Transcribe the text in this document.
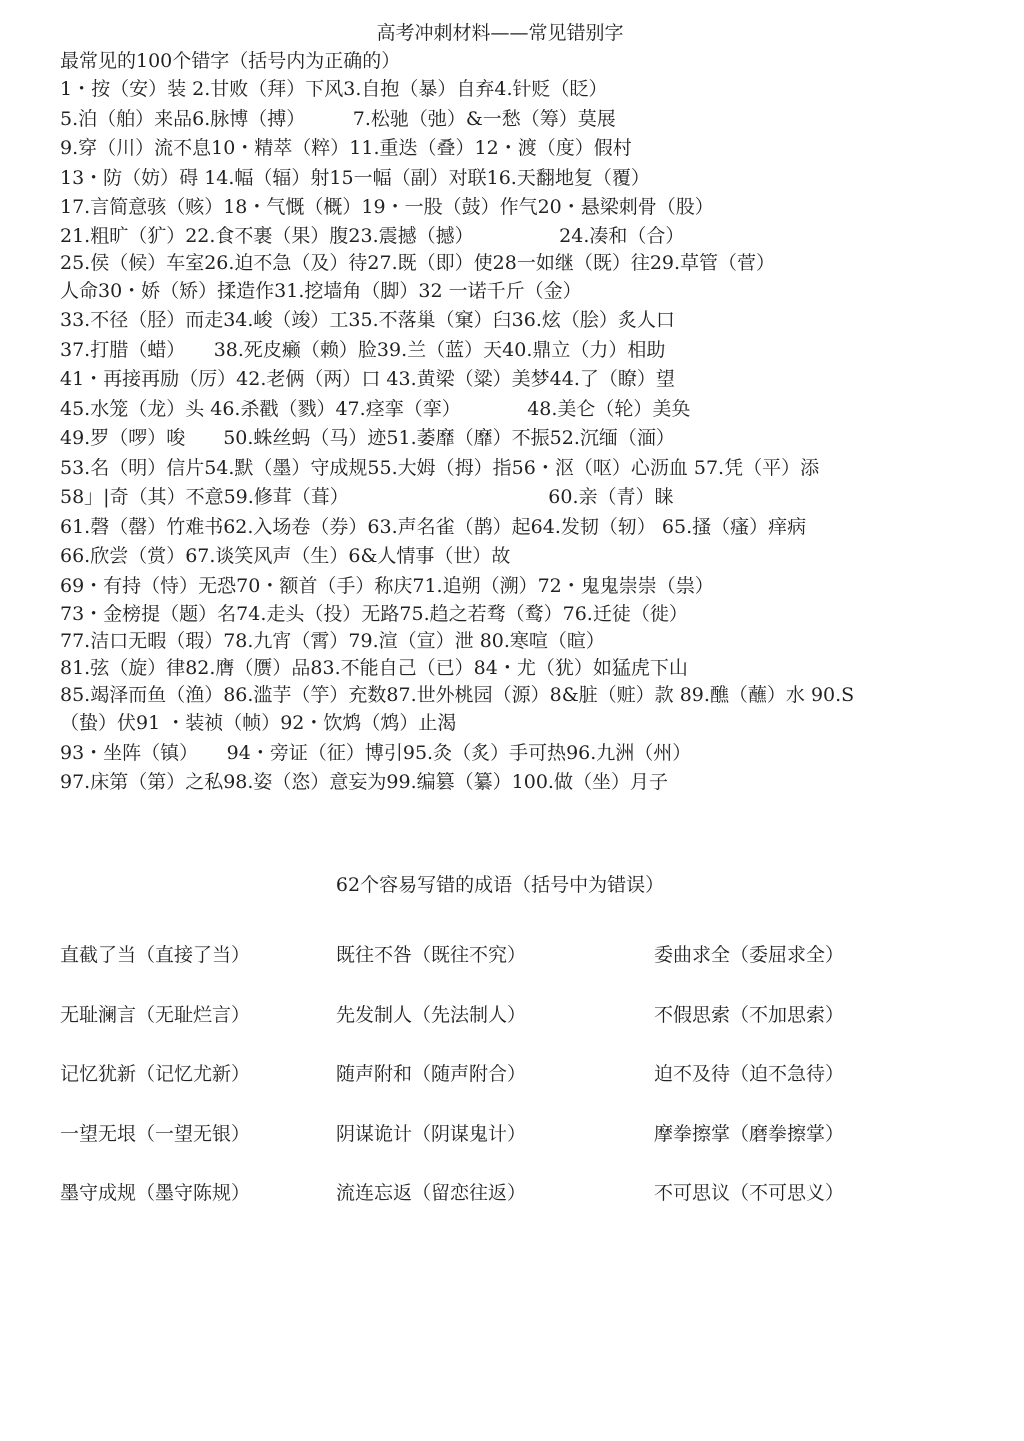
高考冲刺材料——常见错别字
最常见的100个错字（括号内为正确的）
1・按（安）装 2.甘败（拜）下风3.自抱（暴）自弃4.针贬（眨）
5.泊（舶）来品6.脉博（搏）　　　7.松驰（弛）&一愁（筹）莫展
9.穿（川）流不息10・精萃（粹）11.重迭（叠）12・渡（度）假村
13・防（妨）碍 14.幅（辐）射15一幅（副）对联16.天翻地复（覆）
17.言简意骇（赅）18・气慨（概）19・一股（鼓）作气20・悬梁刺骨（股）
21.粗旷（犷）22.食不裹（果）腹23.震撼（撼）　　　　　24.凑和（合）
25.侯（候）车室26.迫不急（及）待27.既（即）使28一如继（既）往29.草管（菅）
人命30・娇（矫）揉造作31.挖墙角（脚）32 一诺千斤（金）
33.不径（胫）而走34.峻（竣）工35.不落巢（窠）臼36.炫（脍）炙人口
37.打腊（蜡）　　38.死皮癞（赖）脸39.兰（蓝）天40.鼎立（力）相助
41・再接再励（厉）42.老俩（两）口 43.黄梁（粱）美梦44.了（瞭）望
45.水笼（龙）头 46.杀戳（戮）47.痉挛（挛）　　　　48.美仑（轮）美奂
49.罗（啰）唆　　50.蛛丝蚂（马）迹51.萎靡（靡）不振52.沉缅（湎）
53.名（明）信片54.默（墨）守成规55.大姆（拇）指56・沤（呕）心沥血 57.凭（平）添
58」|奇（其）不意59.修茸（葺）　　　　　　　　　　　60.亲（青）睐
61.磬（罄）竹难书62.入场卷（券）63.声名雀（鹊）起64.发韧（轫） 65.搔（瘙）痒病
66.欣尝（赏）67.谈笑风声（生）6&人情事（世）故
69・有持（恃）无恐70・额首（手）称庆71.追朔（溯）72・鬼鬼崇崇（祟）
73・金榜提（题）名74.走头（投）无路75.趋之若骛（鹜）76.迁徒（徙）
77.洁口无暇（瑕）78.九宵（霄）79.渲（宣）泄 80.寒喧（暄）
81.弦（旋）律82.膺（赝）品83.不能自己（已）84・尤（犹）如猛虎下山
85.竭泽而鱼（渔）86.滥芋（竽）充数87.世外桃园（源）8&脏（赃）款 89.醮（蘸）水 90.S
（蛰）伏91 ・装祯（帧）92・饮鸩（鸩）止渴
93・坐阵（镇）　　94・旁证（征）博引95.灸（炙）手可热96.九洲（州）
97.床第（第）之私98.姿（恣）意妄为99.编篡（纂）100.做（坐）月子
62个容易写错的成语（括号中为错误）
直截了当（直接了当）	既往不咎（既往不究）	委曲求全（委屈求全）
无耻澜言（无耻烂言）	先发制人（先法制人）	不假思索（不加思索）
记忆犹新（记忆尤新）	随声附和（随声附合）	迫不及待（迫不急待）
一望无垠（一望无银）	阴谋诡计（阴谋鬼计）	摩拳擦掌（磨拳擦掌）
墨守成规（墨守陈规）	流连忘返（留恋往返）	不可思议（不可思义）
